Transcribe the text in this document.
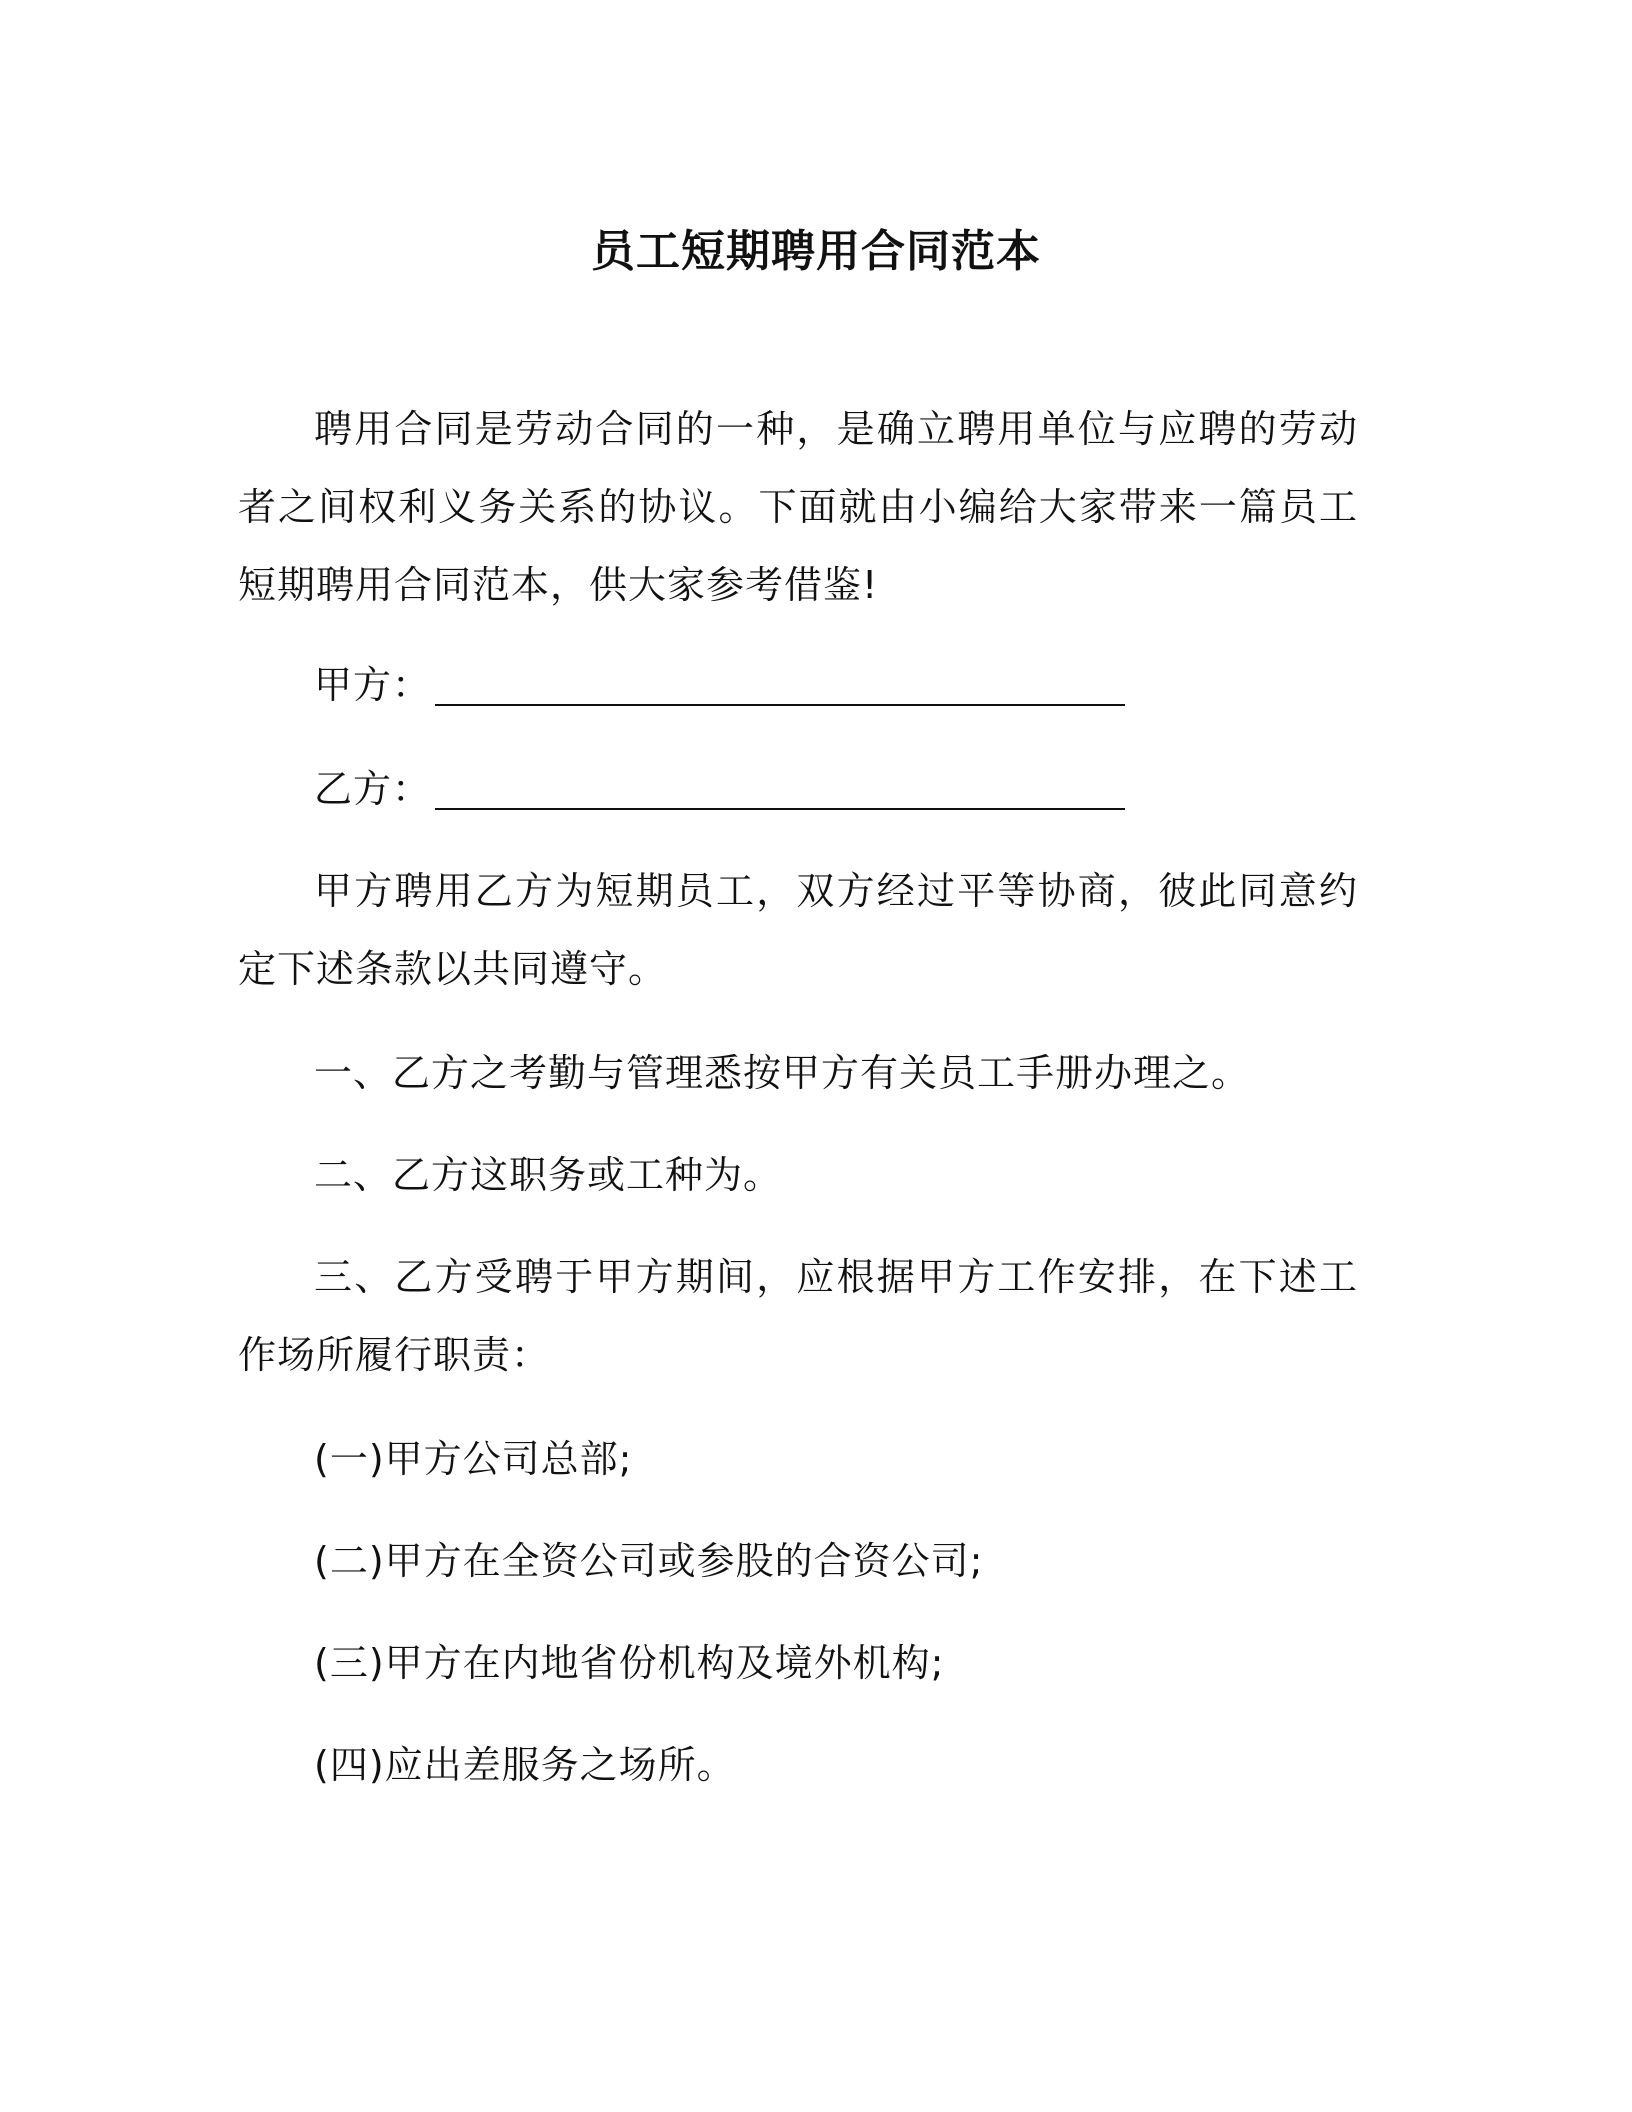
员工短期聘用合同范本

聘用合同是劳动合同的一种，是确立聘用单位与应聘的劳动者之间权利义务关系的协议。下面就由小编给大家带来一篇员工短期聘用合同范本，供大家参考借鉴!

甲方：
乙方：

甲方聘用乙方为短期员工，双方经过平等协商，彼此同意约定下述条款以共同遵守。

一、乙方之考勤与管理悉按甲方有关员工手册办理之。

二、乙方这职务或工种为。

三、乙方受聘于甲方期间，应根据甲方工作安排，在下述工作场所履行职责：

(一)甲方公司总部;
(二)甲方在全资公司或参股的合资公司;
(三)甲方在内地省份机构及境外机构;
(四)应出差服务之场所。
